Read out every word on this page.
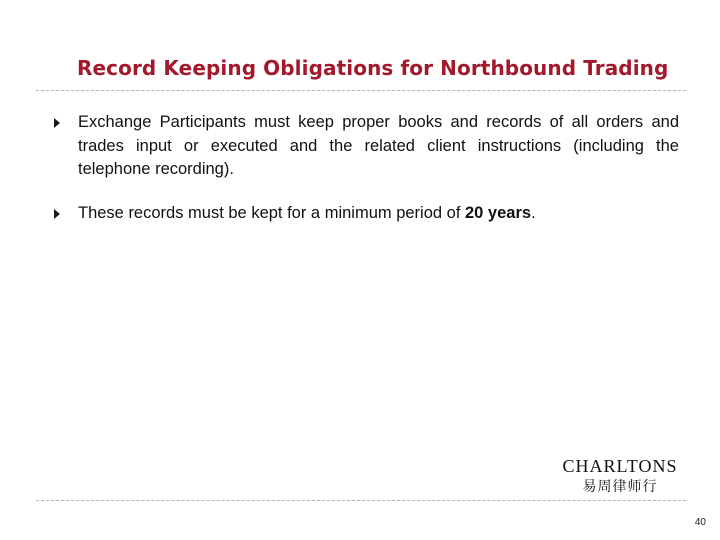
Record Keeping Obligations for Northbound Trading
Exchange Participants must keep proper books and records of all orders and trades input or executed and the related client instructions (including the telephone recording).
These records must be kept for a minimum period of 20 years.
CHARLTONS
易周律师行
40
